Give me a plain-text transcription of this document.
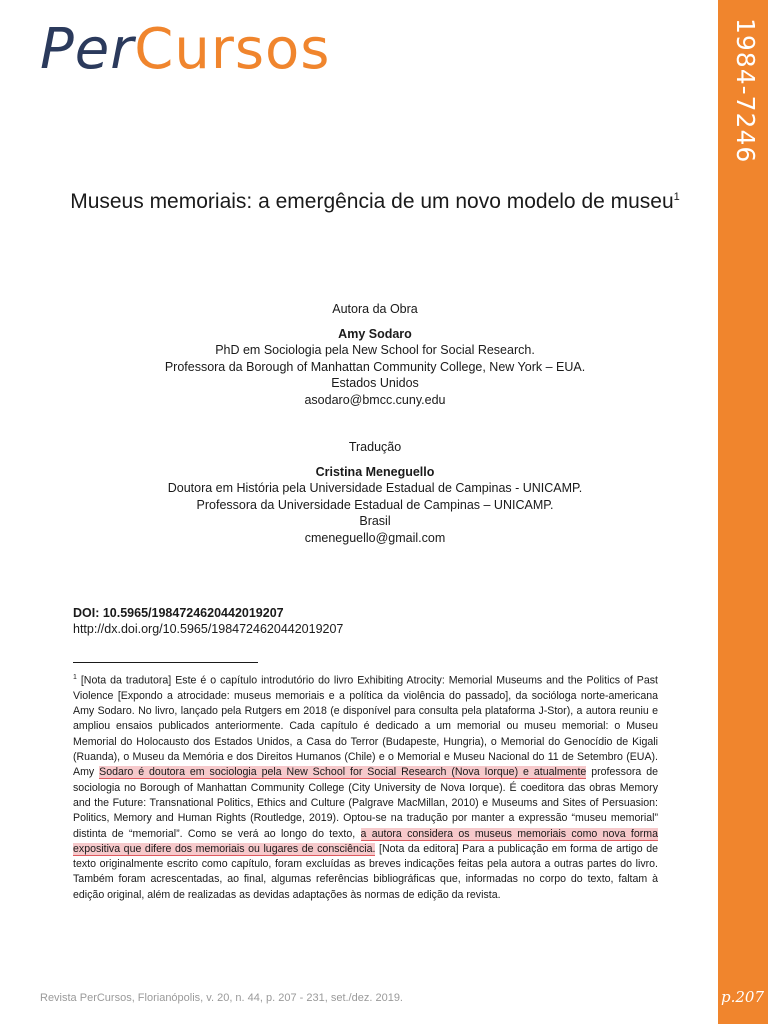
PerCursos	1984-7246
p.207
Museus memoriais: a emergência de um novo modelo de museu$^1$
Autora da Obra
Amy Sodaro
PhD em Sociologia pela New School for Social Research.
Professora da Borough of Manhattan Community College, New York – EUA.
Estados Unidos
asodaro@bmcc.cuny.edu
Tradução
Cristina Meneguello
Doutora em História pela Universidade Estadual de Campinas - UNICAMP.
Professora da Universidade Estadual de Campinas – UNICAMP.
Brasil
cmeneguello@gmail.com
DOI: 10.5965/1984724620442019207
http://dx.doi.org/10.5965/1984724620442019207

$^1$ [Nota da tradutora] Este é o capítulo introdutório do livro Exhibiting Atrocity: Memorial Museums and the Politics of Past Violence [Expondo a atrocidade: museus memoriais e a política da violência do passado], da socióloga norte-americana Amy Sodaro. No livro, lançado pela Rutgers em 2018 (e disponível para consulta pela plataforma J-Stor), a autora reuniu e ampliou ensaios publicados anteriormente. Cada capítulo é dedicado a um memorial ou museu memorial: o Museu Memorial do Holocausto dos Estados Unidos, a Casa do Terror (Budapeste, Hungria), o Memorial do Genocídio de Kigali (Ruanda), o Museu da Memória e dos Direitos Humanos (Chile) e o Memorial e Museu Nacional do 11 de Setembro (EUA). Amy Sodaro é doutora em sociologia pela New School for Social Research (Nova Iorque) e atualmente professora de sociologia no Borough of Manhattan Community College (City University de Nova Iorque). É coeditora das obras Memory and the Future: Transnational Politics, Ethics and Culture (Palgrave MacMillan, 2010) e Museums and Sites of Persuasion: Politics, Memory and Human Rights (Routledge, 2019). Optou-se na tradução por manter a expressão “museu memorial” distinta de “memorial”. Como se verá ao longo do texto, a autora considera os museus memoriais como nova forma expositiva que difere dos memoriais ou lugares de consciência. [Nota da editora] Para a publicação em forma de artigo de texto originalmente escrito como capítulo, foram excluídas as breves indicações feitas pela autora a outras partes do livro. Também foram acrescentadas, ao final, algumas referências bibliográficas que, informadas no corpo do texto, faltam à edição original, além de realizadas as devidas adaptações às normas de edição da revista.

Revista PerCursos, Florianópolis, v. 20, n. 44, p. 207 - 231, set./dez. 2019.
